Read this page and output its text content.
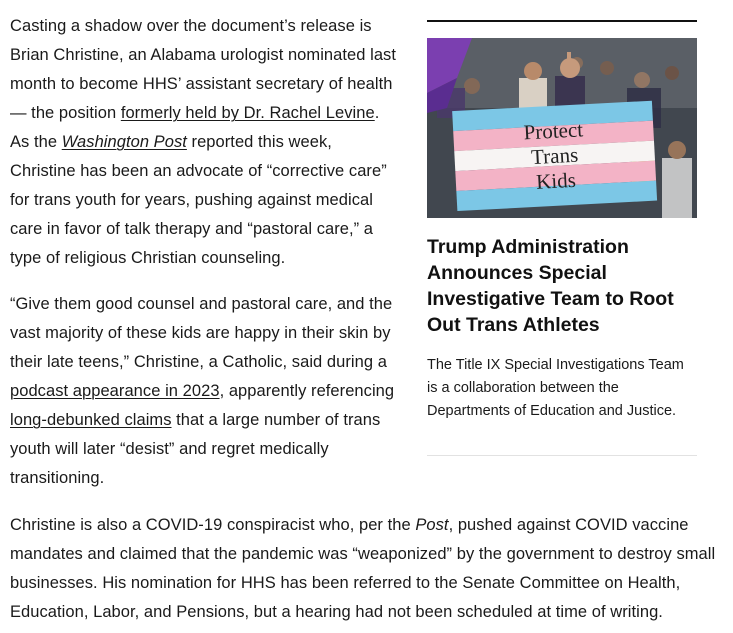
Casting a shadow over the document’s release is Brian Christine, an Alabama urologist nominated last month to become HHS’ assistant secretary of health — the position formerly held by Dr. Rachel Levine. As the Washington Post reported this week, Christine has been an advocate of “corrective care” for trans youth for years, pushing against medical care in favor of talk therapy and “pastoral care,” a type of religious Christian counseling.

“Give them good counsel and pastoral care, and the vast majority of these kids are happy in their skin by their late teens,” Christine, a Catholic, said during a podcast appearance in 2023, apparently referencing long-debunked claims that a large number of trans youth will later “desist” and regret medically transitioning.

Protect
Trans
Kids
Trump Administration Announces Special Investigative Team to Root Out Trans Athletes
The Title IX Special Investigations Team is a collaboration between the Departments of Education and Justice.

Christine is also a COVID-19 conspiracist who, per the Post, pushed against COVID vaccine mandates and claimed that the pandemic was “weaponized” by the government to destroy small businesses. His nomination for HHS has been referred to the Senate Committee on Health, Education, Labor, and Pensions, but a hearing had not been scheduled at time of writing.
